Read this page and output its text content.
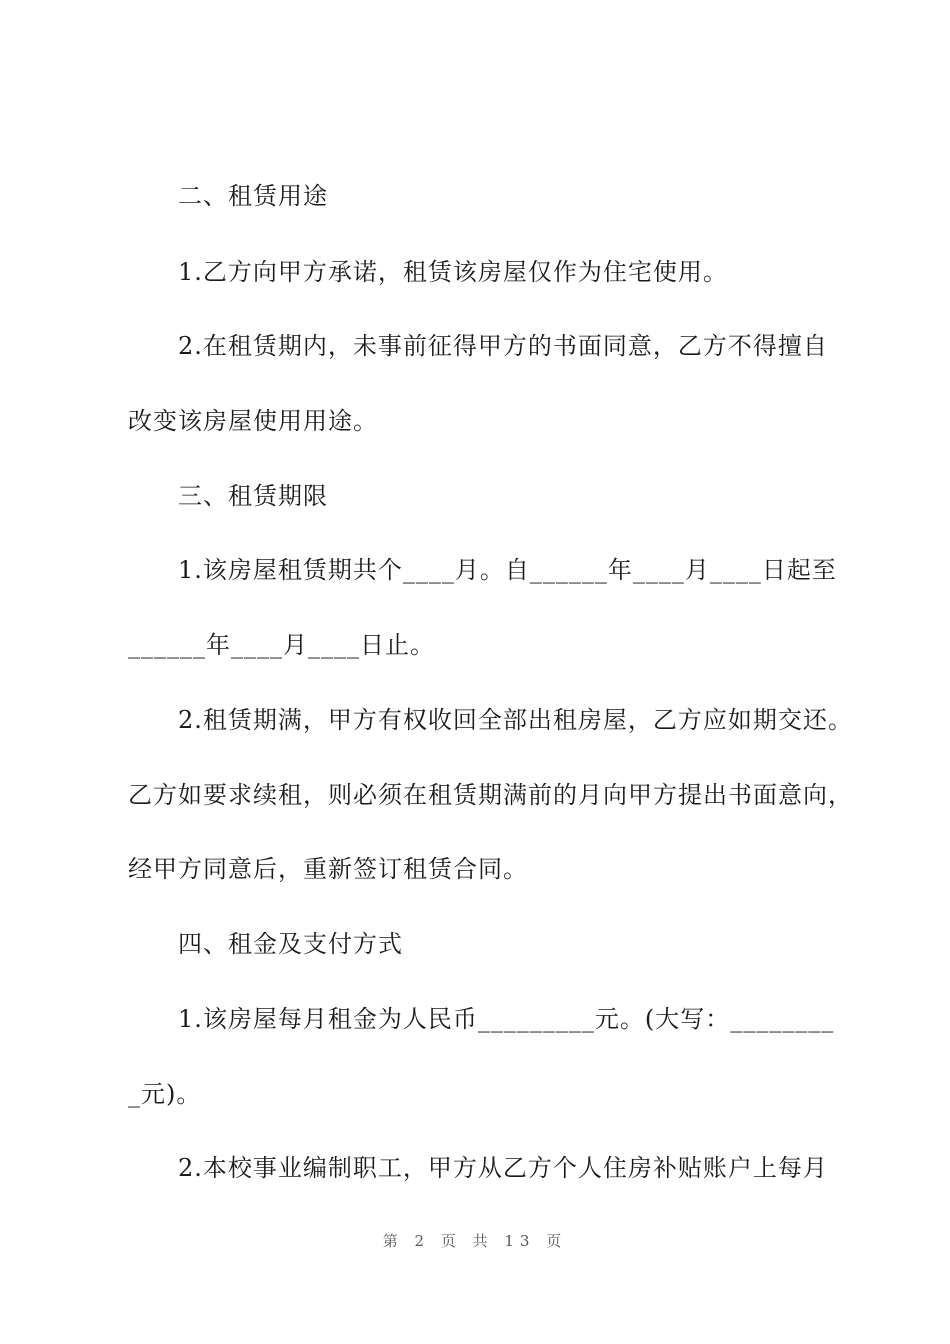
二、租赁用途
1.乙方向甲方承诺，租赁该房屋仅作为住宅使用。
2.在租赁期内，未事前征得甲方的书面同意，乙方不得擅自
改变该房屋使用用途。
三、租赁期限
1.该房屋租赁期共个____月。自______年____月____日起至
______年____月____日止。
2.租赁期满，甲方有权收回全部出租房屋，乙方应如期交还。
乙方如要求续租，则必须在租赁期满前的月向甲方提出书面意向，
经甲方同意后，重新签订租赁合同。
四、租金及支付方式
1.该房屋每月租金为人民币_________元。(大写：________
_元)。
2.本校事业编制职工，甲方从乙方个人住房补贴账户上每月
第 2 页 共 13 页
